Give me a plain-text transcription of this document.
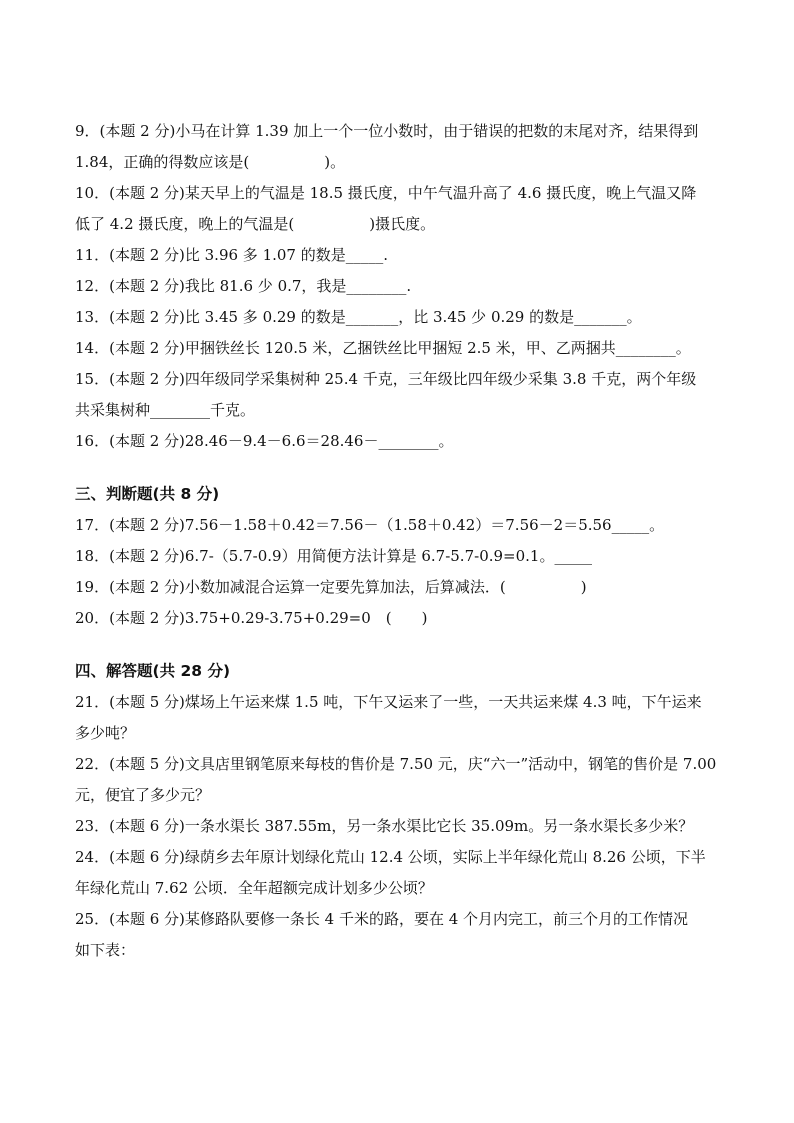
9．(本题 2 分)小马在计算 1.39 加上一个一位小数时，由于错误的把数的末尾对齐，结果得到
1.84，正确的得数应该是(　　　　　)。

10．(本题 2 分)某天早上的气温是 18.5 摄氏度，中午气温升高了 4.6 摄氏度，晚上气温又降
低了 4.2 摄氏度，晚上的气温是(　　　　　)摄氏度。

11．(本题 2 分)比 3.96 多 1.07 的数是_____.

12．(本题 2 分)我比 81.6 少 0.7，我是________.

13．(本题 2 分)比 3.45 多 0.29 的数是_______，比 3.45 少 0.29 的数是_______。

14．(本题 2 分)甲捆铁丝长 120.5 米，乙捆铁丝比甲捆短 2.5 米，甲、乙两捆共________。

15．(本题 2 分)四年级同学采集树种 25.4 千克，三年级比四年级少采集 3.8 千克，两个年级
共采集树种________千克。

16．(本题 2 分)28.46－9.4－6.6＝28.46－________。

三、判断题(共 8 分)

17．(本题 2 分)7.56－1.58＋0.42＝7.56－（1.58＋0.42）＝7.56－2＝5.56_____。

18．(本题 2 分)6.7-（5.7-0.9）用简便方法计算是 6.7-5.7-0.9=0.1。_____

19．(本题 2 分)小数加减混合运算一定要先算加法，后算减法．(　　　　　)

20．(本题 2 分)3.75+0.29-3.75+0.29=0　(　　)

四、解答题(共 28 分)

21．(本题 5 分)煤场上午运来煤 1.5 吨，下午又运来了一些，一天共运来煤 4.3 吨，下午运来
多少吨？

22．(本题 5 分)文具店里钢笔原来每枝的售价是 7.50 元，庆“六一”活动中，钢笔的售价是 7.00
元，便宜了多少元？

23．(本题 6 分)一条水渠长 387.55m，另一条水渠比它长 35.09m。另一条水渠长多少米？

24．(本题 6 分)绿荫乡去年原计划绿化荒山 12.4 公顷，实际上半年绿化荒山 8.26 公顷，下半
年绿化荒山 7.62 公顷．全年超额完成计划多少公顷？

25．(本题 6 分)某修路队要修一条长 4 千米的路，要在 4 个月内完工，前三个月的工作情况
如下表：
